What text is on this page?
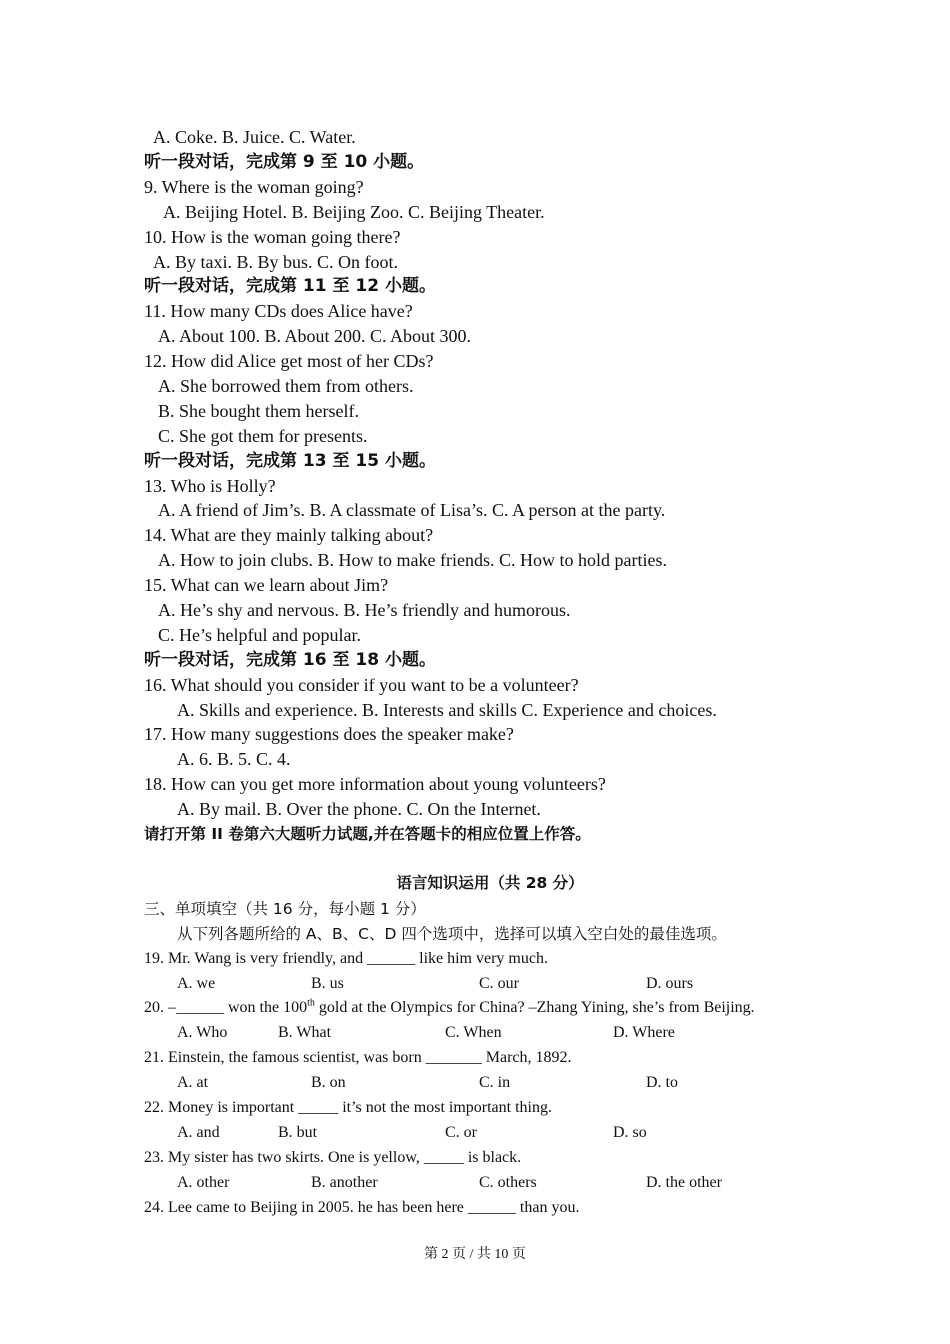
A. Coke. B. Juice. C. Water.
听一段对话，完成第 9 至 10 小题。
9. Where is the woman going?
A. Beijing Hotel. B. Beijing Zoo. C. Beijing Theater.
10. How is the woman going there?
A. By taxi. B. By bus. C. On foot.
听一段对话，完成第 11 至 12 小题。
11. How many CDs does Alice have?
A. About 100. B. About 200. C. About 300.
12. How did Alice get most of her CDs?
A. She borrowed them from others.
B. She bought them herself.
C. She got them for presents.
听一段对话，完成第 13 至 15 小题。
13. Who is Holly?
A. A friend of Jim’s. B. A classmate of Lisa’s. C. A person at the party.
14. What are they mainly talking about?
A. How to join clubs. B. How to make friends. C. How to hold parties.
15. What can we learn about Jim?
A. He’s shy and nervous. B. He’s friendly and humorous.
C. He’s helpful and popular.
听一段对话，完成第 16 至 18 小题。
16. What should you consider if you want to be a volunteer?
A. Skills and experience. B. Interests and skills C. Experience and choices.
17. How many suggestions does the speaker make?
A. 6. B. 5. C. 4.
18. How can you get more information about young volunteers?
A. By mail. B. Over the phone. C. On the Internet.
请打开第 II 卷第六大题听力试题,并在答题卡的相应位置上作答。
语言知识运用（共 28 分）
三、单项填空（共 16 分，每小题 1 分）
从下列各题所给的 A、B、C、D 四个选项中，选择可以填入空白处的最佳选项。
19. Mr. Wang is very friendly, and ______ like him very much.
A. we	B. us	C. our	D. ours
20. –______ won the 100th gold at the Olympics for China? –Zhang Yining, she’s from Beijing.
A. Who	B. What	C. When	D. Where
21. Einstein, the famous scientist, was born _______ March, 1892.
A. at	B. on	C. in	D. to
22. Money is important _____ it’s not the most important thing.
A. and	B. but	C. or	D. so
23. My sister has two skirts. One is yellow, _____ is black.
A. other	B. another	C. others	D. the other
24. Lee came to Beijing in 2005. he has been here ______ than you.
第 2 页 / 共 10 页
